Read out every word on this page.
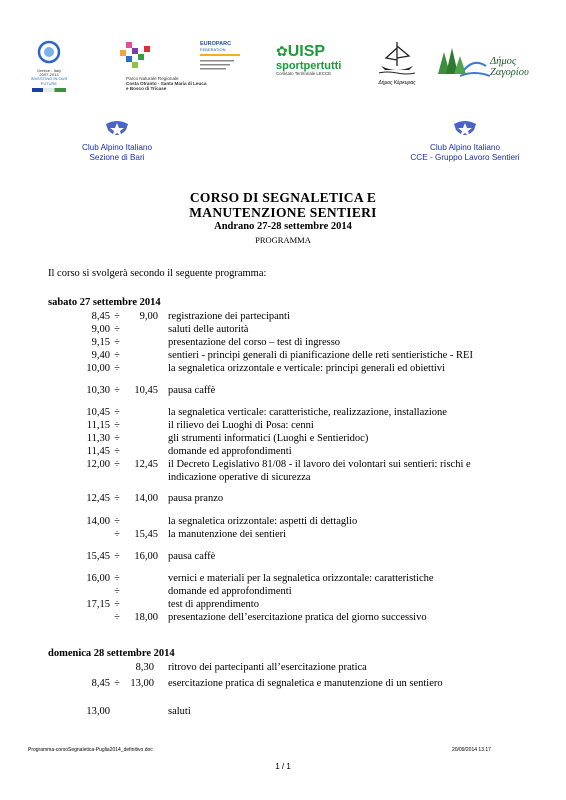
Greece - Italy
2007-2013
INVESTING IN OUR FUTURE
Parco Naturale Regionale
Costa Otranto - Santa Maria di Leuca
e Bosco di Tricase
EUROPARC
FEDERATION	✿UISP
sportpertutti
Comitato Territoriale LECCE
Δήμος Κέρκυρας
Δήμος Ζαγορίου
Club Alpino Italiano
Sezione di Bari
Club Alpino Italiano
CCE - Gruppo Lavoro Sentieri
CORSO DI SEGNALETICA E
MANUTENZIONE SENTIERI
Andrano 27-28 settembre 2014
PROGRAMMA
Il corso si svolgerà secondo il seguente programma:
sabato 27 settembre 2014
8,45 ÷	9,00 registrazione dei partecipanti
9,00 ÷	saluti delle autorità
9,15 ÷	presentazione del corso – test di ingresso
9,40 ÷	sentieri - principi generali di pianificazione delle reti sentieristiche - REI
10,00 ÷	la segnaletica orizzontale e verticale: principi generali ed obiettivi
10,30 ÷	10,45 pausa caffè
10,45 ÷	la segnaletica verticale: caratteristiche, realizzazione, installazione
11,15 ÷	il rilievo dei Luoghi di Posa: cenni
11,30 ÷	gli strumenti informatici (Luoghi e Sentieridoc)
11,45 ÷	domande ed approfondimenti
12,00 ÷	12,45 il Decreto Legislativo 81/08 - il lavoro dei volontari sui sentieri: rischi e
indicazione operative di sicurezza
12,45 ÷	14,00 pausa pranzo
14,00 ÷	la segnaletica orizzontale: aspetti di dettaglio
÷	15,45 la manutenzione dei sentieri
15,45 ÷	16,00 pausa caffè
16,00 ÷	vernici e materiali per la segnaletica orizzontale: caratteristiche
÷	domande ed approfondimenti
17,15 ÷	test di apprendimento
÷	18,00 presentazione dell’esercitazione pratica del giorno successivo
domenica 28 settembre 2014
8,30 ritrovo dei partecipanti all’esercitazione pratica
8,45 ÷	13,00 esercitazione pratica di segnaletica e manutenzione di un sentiero
13,00	saluti
Programma-corsoSegnaletica-Puglia2014_definitivo.doc	20/09/2014 13.17
1 / 1
